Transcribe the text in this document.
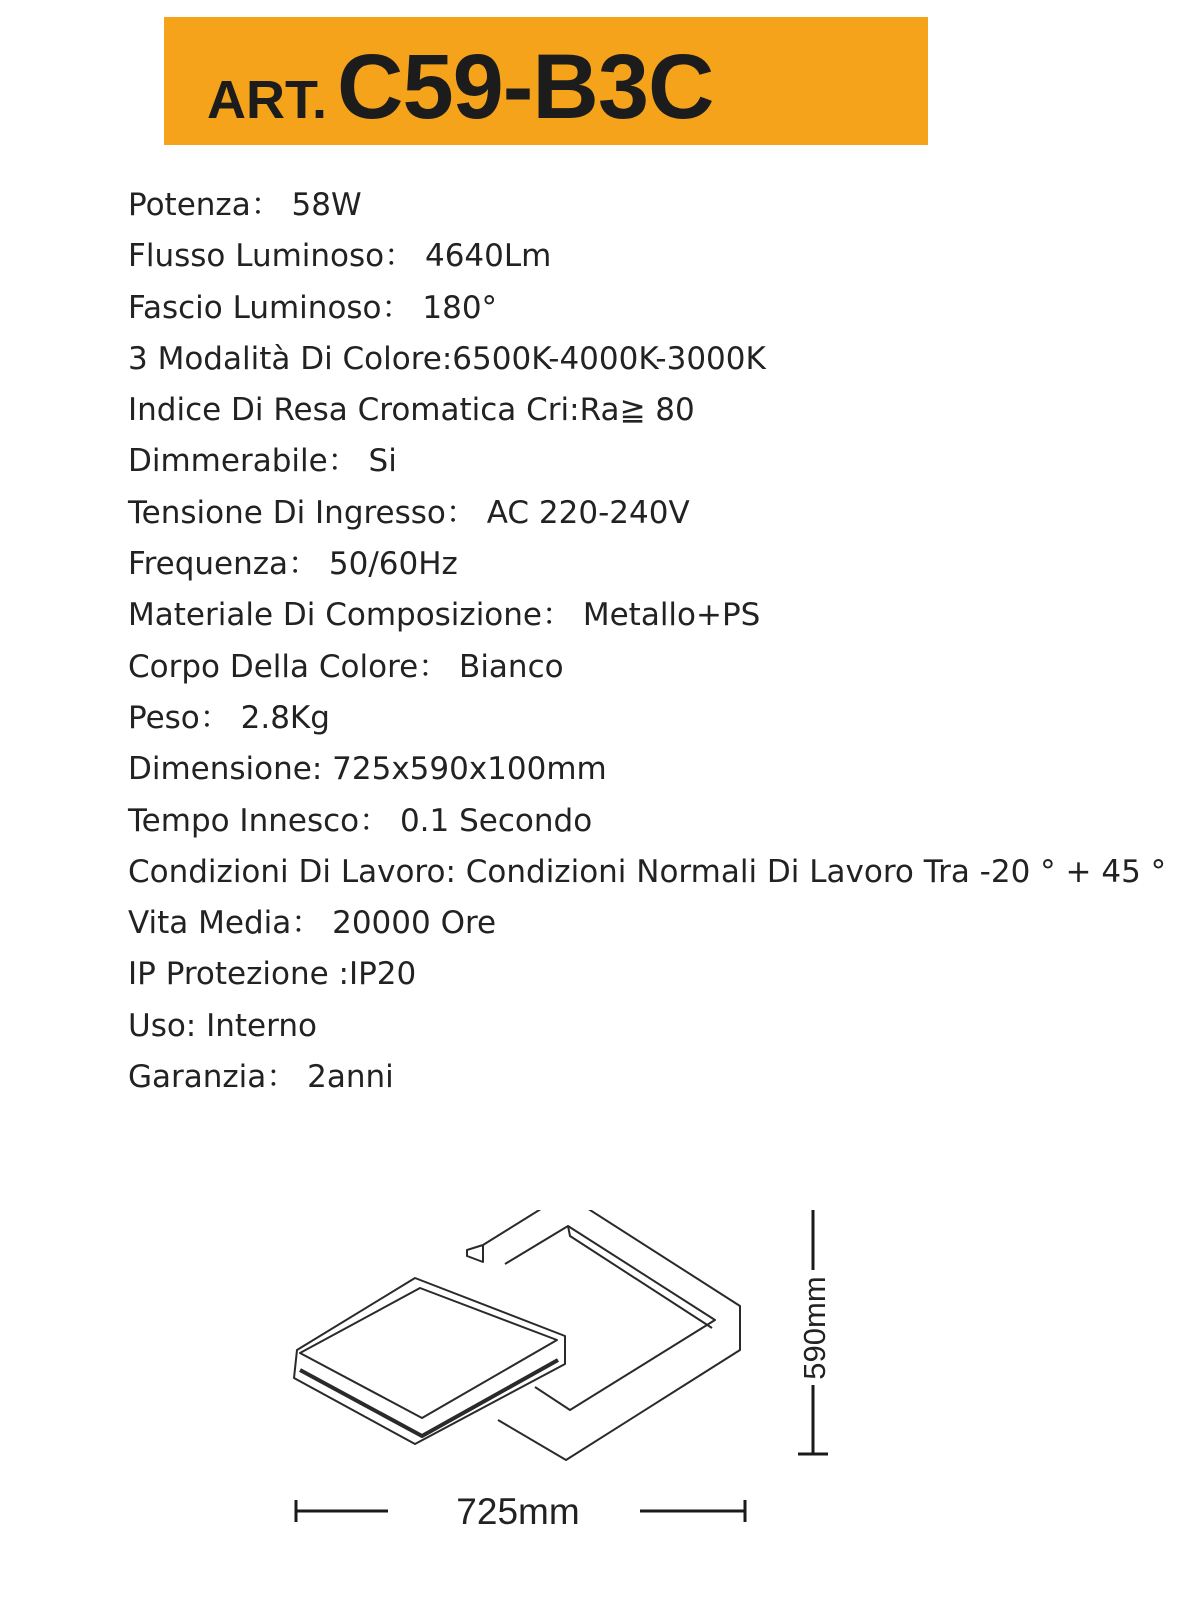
ART. C59-B3C
Potenza： 58W
Flusso Luminoso： 4640Lm
Fascio Luminoso： 180°
3 Modalità Di Colore:6500K-4000K-3000K
Indice Di Resa Cromatica Cri:Ra≧ 80
Dimmerabile： Si
Tensione Di Ingresso： AC 220-240V
Frequenza： 50/60Hz
Materiale Di Composizione： Metallo+PS
Corpo Della Colore： Bianco
Peso： 2.8Kg
Dimensione: 725x590x100mm
Tempo Innesco： 0.1 Secondo
Condizioni Di Lavoro: Condizioni Normali Di Lavoro Tra -20 ° + 45 °
Vita Media： 20000 Ore
IP Protezione :IP20
Uso: Interno
Garanzia： 2anni
725mm
590mm
